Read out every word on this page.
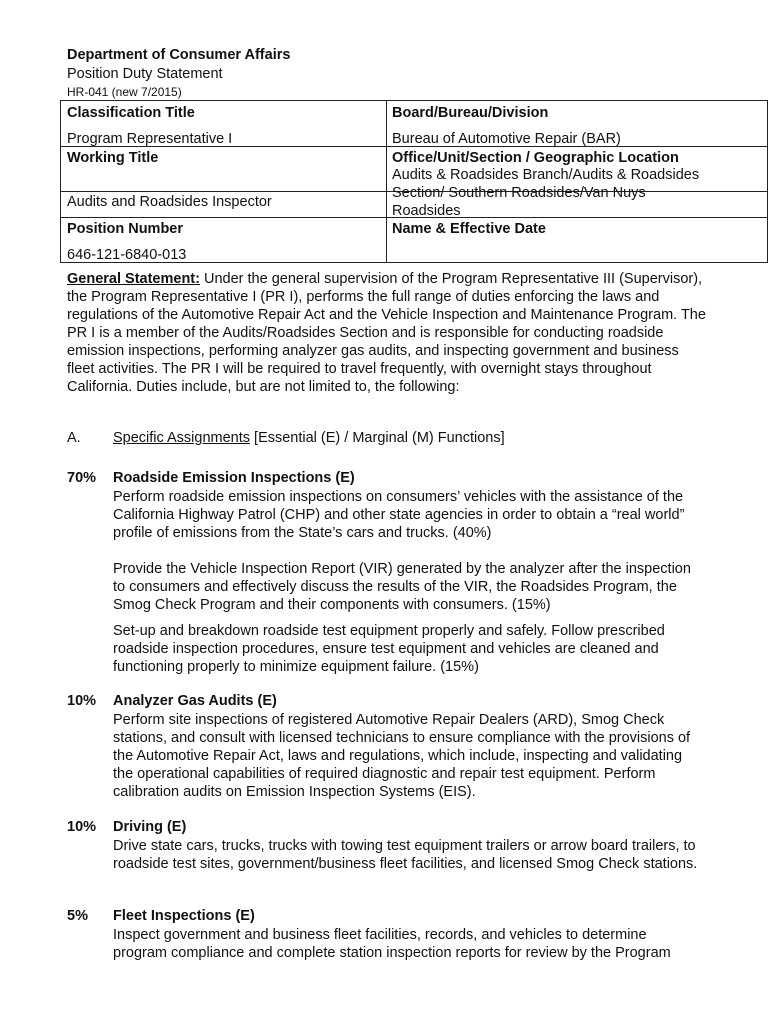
Department of Consumer Affairs
Position Duty Statement
HR-041 (new 7/2015)
Classification Title
Program Representative I
Working Title
Audits and Roadsides Inspector
Position Number
646-121-6840-013
Board/Bureau/Division
Bureau of Automotive Repair (BAR)
Office/Unit/Section / Geographic Location
Audits & Roadsides Branch/Audits & Roadsides Section/ Southern Roadsides/Van Nuys Roadsides
Name & Effective Date
General Statement: Under the general supervision of the Program Representative III (Supervisor), the Program Representative I (PR I), performs the full range of duties enforcing the laws and regulations of the Automotive Repair Act and the Vehicle Inspection and Maintenance Program. The PR I is a member of the Audits/Roadsides Section and is responsible for conducting roadside emission inspections, performing analyzer gas audits, and inspecting government and business fleet activities. The PR I will be required to travel frequently, with overnight stays throughout California. Duties include, but are not limited to, the following:
A. Specific Assignments [Essential (E) / Marginal (M) Functions]
70% Roadside Emission Inspections (E)
Perform roadside emission inspections on consumers’ vehicles with the assistance of the California Highway Patrol (CHP) and other state agencies in order to obtain a “real world” profile of emissions from the State’s cars and trucks. (40%)
Provide the Vehicle Inspection Report (VIR) generated by the analyzer after the inspection to consumers and effectively discuss the results of the VIR, the Roadsides Program, the Smog Check Program and their components with consumers. (15%)
Set-up and breakdown roadside test equipment properly and safely. Follow prescribed roadside inspection procedures, ensure test equipment and vehicles are cleaned and functioning properly to minimize equipment failure. (15%)
10% Analyzer Gas Audits (E)
Perform site inspections of registered Automotive Repair Dealers (ARD), Smog Check stations, and consult with licensed technicians to ensure compliance with the provisions of the Automotive Repair Act, laws and regulations, which include, inspecting and validating the operational capabilities of required diagnostic and repair test equipment. Perform calibration audits on Emission Inspection Systems (EIS).
10% Driving (E)
Drive state cars, trucks, trucks with towing test equipment trailers or arrow board trailers, to roadside test sites, government/business fleet facilities, and licensed Smog Check stations.
5% Fleet Inspections (E)
Inspect government and business fleet facilities, records, and vehicles to determine program compliance and complete station inspection reports for review by the Program
